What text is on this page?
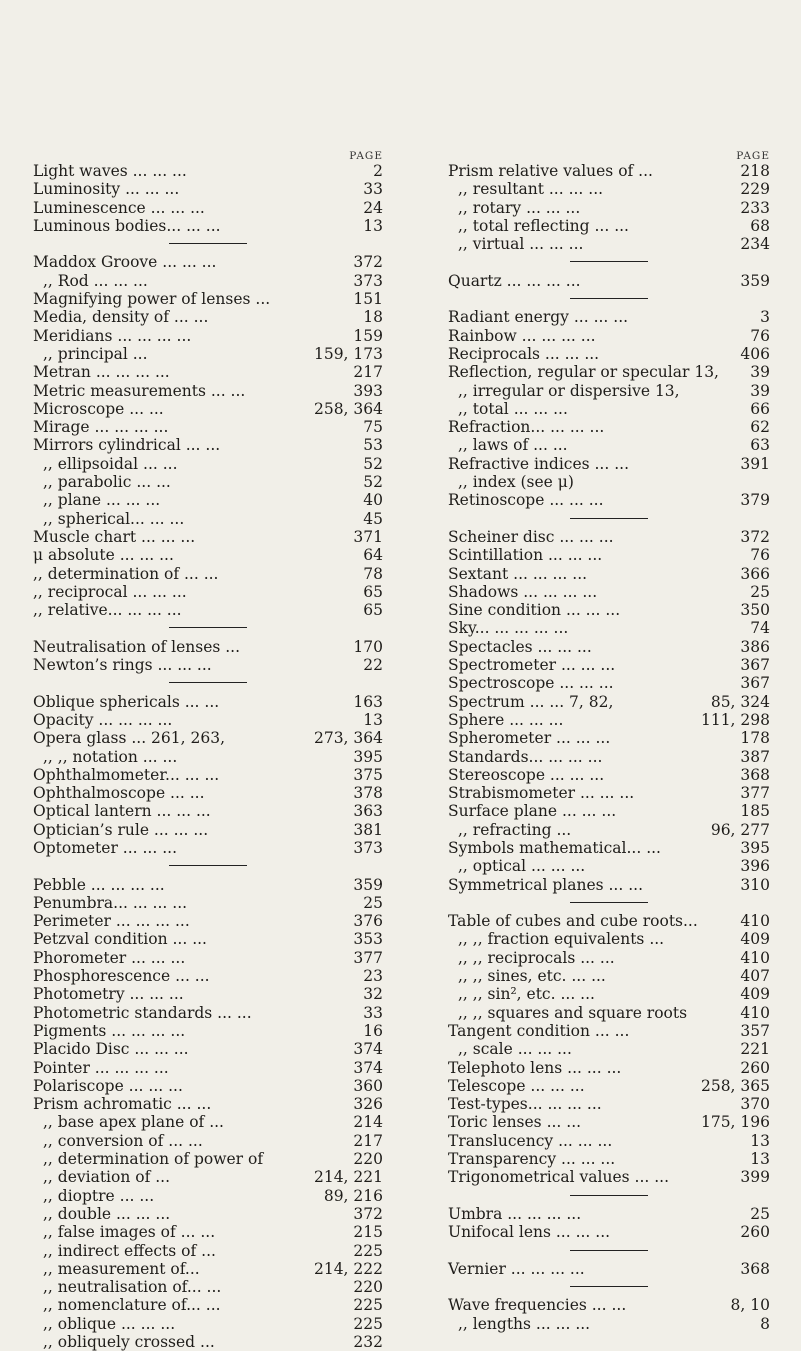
PAGE
Light waves ... ... ...	2
Luminosity ... ... ...	33
Luminescence ... ... ...	24
Luminous bodies... ... ...	13
Maddox Groove ... ... ...	372
,, Rod ... ... ...	373
Magnifying power of lenses ...	151
Media, density of ... ...	18
Meridians ... ... ... ...	159
,, principal ...	159, 173
Metran ... ... ... ...	217
Metric measurements ... ...	393
Microscope ... ...	258, 364
Mirage ... ... ... ...	75
Mirrors cylindrical ... ...	53
,, ellipsoidal ... ...	52
,, parabolic ... ...	52
,, plane ... ... ...	40
,, spherical... ... ...	45
Muscle chart ... ... ...	371
μ absolute ... ... ...	64
,, determination of ... ...	78
,, reciprocal ... ... ...	65
,, relative... ... ... ...	65
Neutralisation of lenses ...	170
Newton’s rings ... ... ...	22
Oblique sphericals ... ...	163
Opacity ... ... ... ...	13
Opera glass ... 261, 263,	273, 364
,, ,, notation ... ...	395
Ophthalmometer... ... ...	375
Ophthalmoscope ... ...	378
Optical lantern ... ... ...	363
Optician’s rule ... ... ...	381
Optometer ... ... ...	373
Pebble ... ... ... ...	359
Penumbra... ... ... ...	25
Perimeter ... ... ... ...	376
Petzval condition ... ...	353
Phorometer ... ... ...	377
Phosphorescence ... ...	23
Photometry ... ... ...	32
Photometric standards ... ...	33
Pigments ... ... ... ...	16
Placido Disc ... ... ...	374
Pointer ... ... ... ...	374
Polariscope ... ... ...	360
Prism achromatic ... ...	326
,, base apex plane of ...	214
,, conversion of ... ...	217
,, determination of power of	220
,, deviation of ...	214, 221
,, dioptre ... ...	89, 216
,, double ... ... ...	372
,, false images of ... ...	215
,, indirect effects of ...	225
,, measurement of...	214, 222
,, neutralisation of... ...	220
,, nomenclature of... ...	225
,, oblique ... ... ...	225
,, obliquely crossed ...	232
PAGE
Prism relative values of ...	218
,, resultant ... ... ...	229
,, rotary ... ... ...	233
,, total reflecting ... ...	68
,, virtual ... ... ...	234
Quartz ... ... ... ...	359
Radiant energy ... ... ...	3
Rainbow ... ... ... ...	76
Reciprocals ... ... ...	406
Reflection, regular or specular 13, 39
,, irregular or dispersive 13,	39
,, total ... ... ...	66
Refraction... ... ... ...	62
,, laws of ... ...	63
Refractive indices ... ...	391
,, index (see μ)
Retinoscope ... ... ...	379
Scheiner disc ... ... ...	372
Scintillation ... ... ...	76
Sextant ... ... ... ...	366
Shadows ... ... ... ...	25
Sine condition ... ... ...	350
Sky... ... ... ... ...	74
Spectacles ... ... ...	386
Spectrometer ... ... ...	367
Spectroscope ... ... ...	367
Spectrum ... ... 7, 82,	85, 324
Sphere ... ... ...	111, 298
Spherometer ... ... ...	178
Standards... ... ... ...	387
Stereoscope ... ... ...	368
Strabismometer ... ... ...	377
Surface plane ... ... ...	185
,, refracting ...	96, 277
Symbols mathematical... ...	395
,, optical ... ... ...	396
Symmetrical planes ... ...	310
Table of cubes and cube roots...	410
,, ,, fraction equivalents ...	409
,, ,, reciprocals ... ...	410
,, ,, sines, etc. ... ...	407
,, ,, sin², etc. ... ...	409
,, ,, squares and square roots	410
Tangent condition ... ...	357
,, scale ... ... ...	221
Telephoto lens ... ... ...	260
Telescope ... ... ...	258, 365
Test-types... ... ... ...	370
Toric lenses ... ...	175, 196
Translucency ... ... ...	13
Transparency ... ... ...	13
Trigonometrical values ... ...	399
Umbra ... ... ... ...	25
Unifocal lens ... ... ...	260
Vernier ... ... ... ...	368
Wave frequencies ... ...	8, 10
,, lengths ... ... ...	8
